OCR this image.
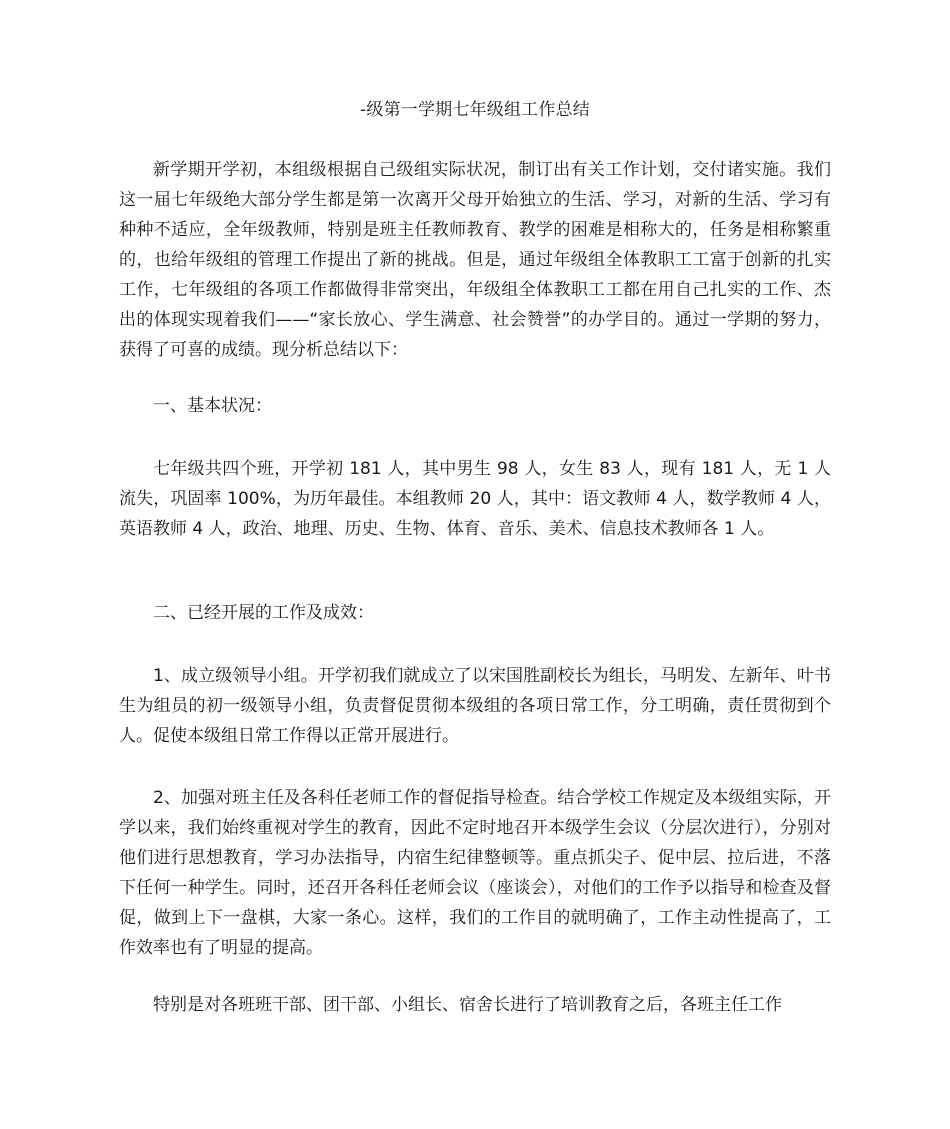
-级第一学期七年级组工作总结

新学期开学初，本组级根据自己级组实际状况，制订出有关工作计划，交付诸实施。我们这一届七年级绝大部分学生都是第一次离开父母开始独立的生活、学习，对新的生活、学习有种种不适应，全年级教师，特别是班主任教师教育、教学的困难是相称大的，任务是相称繁重的，也给年级组的管理工作提出了新的挑战。但是，通过年级组全体教职工工富于创新的扎实工作，七年级组的各项工作都做得非常突出，年级组全体教职工工都在用自己扎实的工作、杰出的体现实现着我们——“家长放心、学生满意、社会赞誉”的办学目的。通过一学期的努力，获得了可喜的成绩。现分析总结以下：

一、基本状况：

七年级共四个班，开学初 181 人，其中男生 98 人，女生 83 人，现有 181 人，无 1 人流失，巩固率 100%，为历年最佳。本组教师 20 人，其中：语文教师 4 人，数学教师 4 人，英语教师 4 人，政治、地理、历史、生物、体育、音乐、美术、信息技术教师各 1 人。

二、已经开展的工作及成效：

1、成立级领导小组。开学初我们就成立了以宋国胜副校长为组长，马明发、左新年、叶书生为组员的初一级领导小组，负责督促贯彻本级组的各项日常工作，分工明确，责任贯彻到个人。促使本级组日常工作得以正常开展进行。

2、加强对班主任及各科任老师工作的督促指导检查。结合学校工作规定及本级组实际，开学以来，我们始终重视对学生的教育，因此不定时地召开本级学生会议（分层次进行），分别对他们进行思想教育，学习办法指导，内宿生纪律整顿等。重点抓尖子、促中层、拉后进，不落下任何一种学生。同时，还召开各科任老师会议（座谈会），对他们的工作予以指导和检查及督促，做到上下一盘棋，大家一条心。这样，我们的工作目的就明确了，工作主动性提高了，工作效率也有了明显的提高。

特别是对各班班干部、团干部、小组长、宿舍长进行了培训教育之后，各班主任工作
